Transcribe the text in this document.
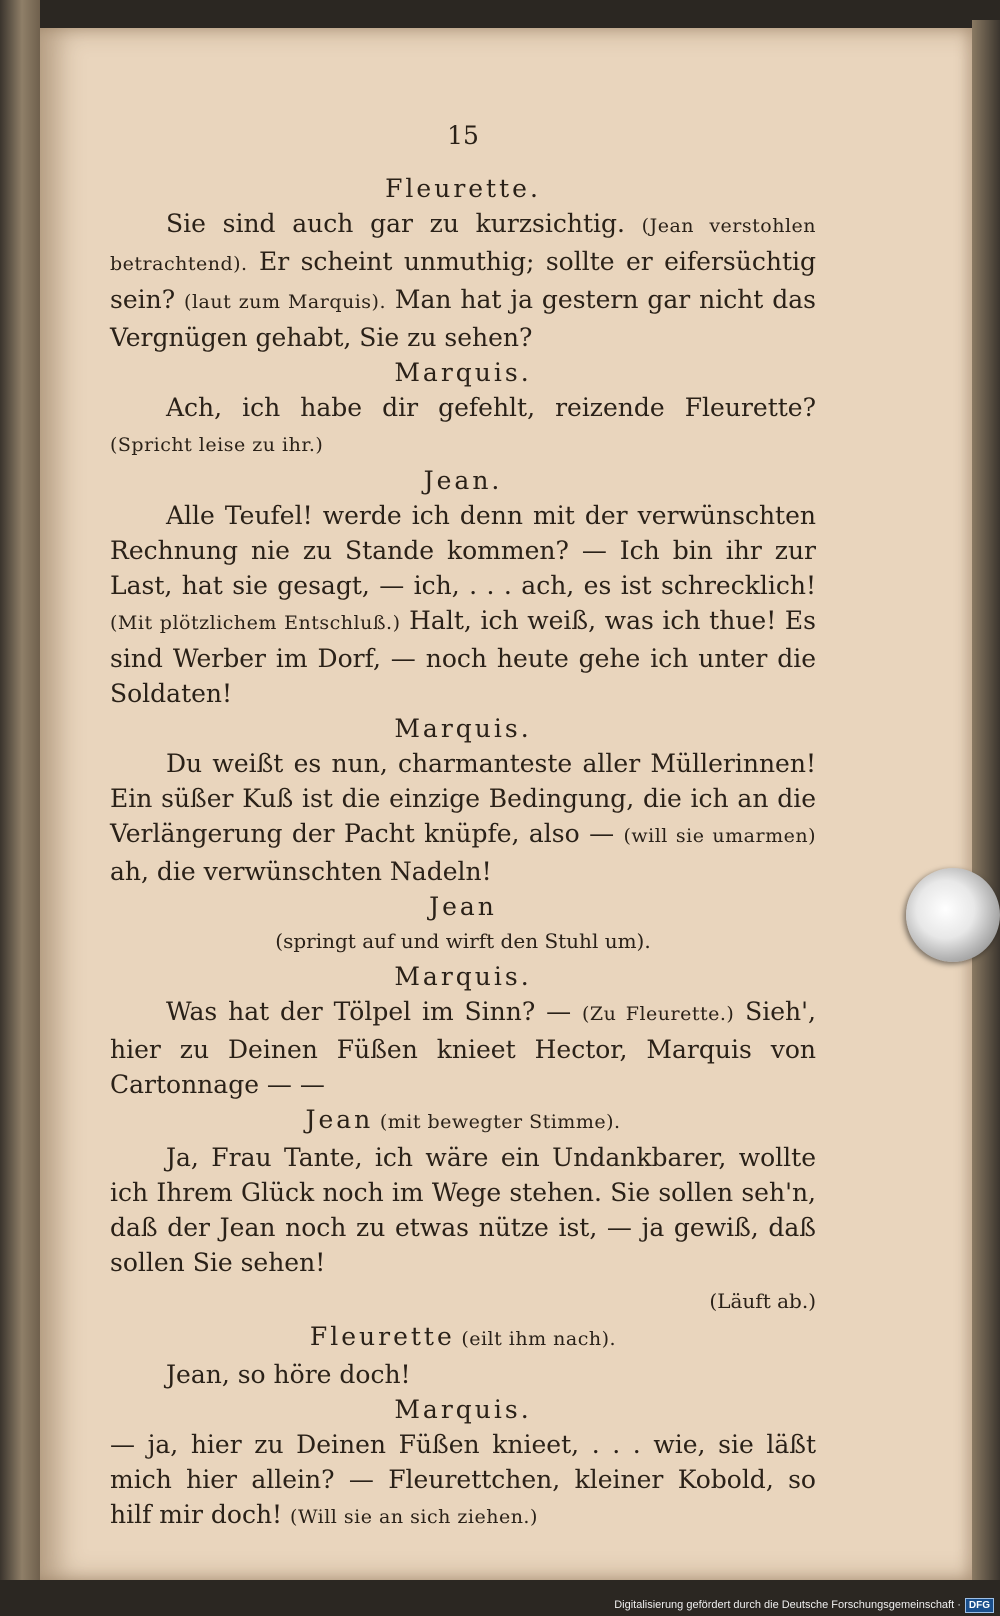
15
Fleurette.

Sie sind auch gar zu kurzsichtig. (Jean verstohlen betrachtend). Er scheint unmuthig; sollte er eifersüchtig sein? (laut zum Marquis). Man hat ja gestern gar nicht das Vergnügen gehabt, Sie zu sehen?

Marquis.

Ach, ich habe dir gefehlt, reizende Fleurette? (Spricht leise zu ihr.)

Jean.

Alle Teufel! werde ich denn mit der verwünschten Rechnung nie zu Stande kommen? — Ich bin ihr zur Last, hat sie gesagt, — ich, . . . ach, es ist schrecklich! (Mit plötzlichem Entschluß.) Halt, ich weiß, was ich thue! Es sind Werber im Dorf, — noch heute gehe ich unter die Soldaten!

Marquis.

Du weißt es nun, charmanteste aller Müllerinnen! Ein süßer Kuß ist die einzige Bedingung, die ich an die Verlängerung der Pacht knüpfe, also — (will sie umarmen) ah, die verwünschten Nadeln!

Jean
(springt auf und wirft den Stuhl um).
Marquis.

Was hat der Tölpel im Sinn? — (Zu Fleurette.) Sieh', hier zu Deinen Füßen knieet Hector, Marquis von Cartonnage — —

Jean (mit bewegter Stimme).

Ja, Frau Tante, ich wäre ein Undankbarer, wollte ich Ihrem Glück noch im Wege stehen. Sie sollen seh'n, daß der Jean noch zu etwas nütze ist, — ja gewiß, daß sollen Sie sehen!

(Läuft ab.)
Fleurette (eilt ihm nach).

Jean, so höre doch!

Marquis.

— ja, hier zu Deinen Füßen knieet, . . . wie, sie läßt mich hier allein? — Fleurettchen, kleiner Kobold, so hilf mir doch! (Will sie an sich ziehen.)

Digitalisierung gefördert durch die Deutsche Forschungsgemeinschaft · DFG
